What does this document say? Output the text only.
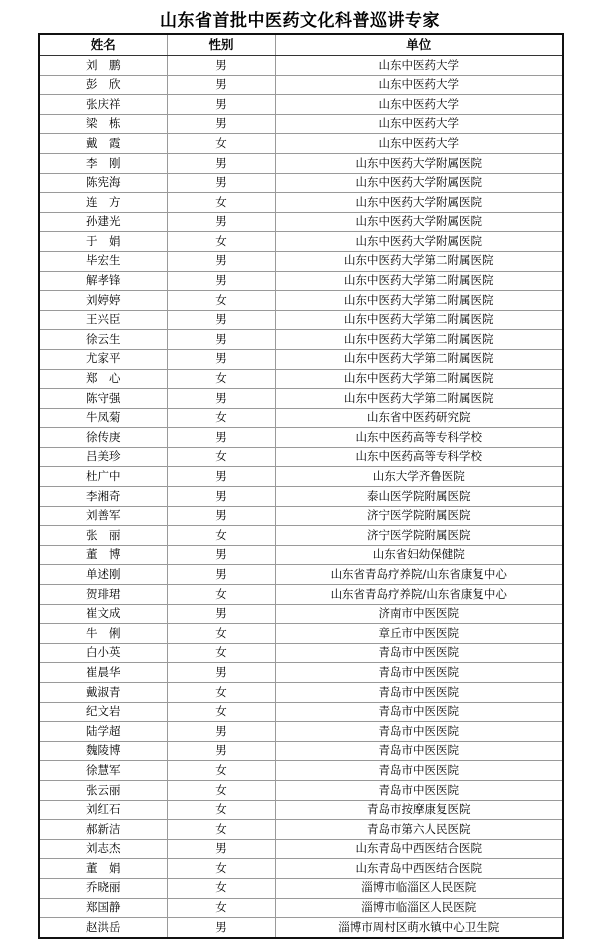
山东省首批中医药文化科普巡讲专家
姓名	性别	单位
刘　鹏	男	山东中医药大学
彭　欣	男	山东中医药大学
张庆祥	男	山东中医药大学
梁　栋	男	山东中医药大学
戴　霞	女	山东中医药大学
李　刚	男	山东中医药大学附属医院
陈宪海	男	山东中医药大学附属医院
连　方	女	山东中医药大学附属医院
孙建光	男	山东中医药大学附属医院
于　娟	女	山东中医药大学附属医院
毕宏生	男	山东中医药大学第二附属医院
解孝锋	男	山东中医药大学第二附属医院
刘婷婷	女	山东中医药大学第二附属医院
王兴臣	男	山东中医药大学第二附属医院
徐云生	男	山东中医药大学第二附属医院
尤家平	男	山东中医药大学第二附属医院
郑　心	女	山东中医药大学第二附属医院
陈守强	男	山东中医药大学第二附属医院
牛凤菊	女	山东省中医药研究院
徐传庚	男	山东中医药高等专科学校
吕美珍	女	山东中医药高等专科学校
杜广中	男	山东大学齐鲁医院
李湘奇	男	泰山医学院附属医院
刘善军	男	济宁医学院附属医院
张　丽	女	济宁医学院附属医院
董　博	男	山东省妇幼保健院
单述刚	男	山东省青岛疗养院/山东省康复中心
贺琲珺	女	山东省青岛疗养院/山东省康复中心
崔文成	男	济南市中医医院
牛　俐	女	章丘市中医医院
白小英	女	青岛市中医医院
崔晨华	男	青岛市中医医院
戴淑青	女	青岛市中医医院
纪文岩	女	青岛市中医医院
陆学超	男	青岛市中医医院
魏陵博	男	青岛市中医医院
徐慧军	女	青岛市中医医院
张云丽	女	青岛市中医医院
刘红石	女	青岛市按摩康复医院
郝新洁	女	青岛市第六人民医院
刘志杰	男	山东青岛中西医结合医院
董　娟	女	山东青岛中西医结合医院
乔晓丽	女	淄博市临淄区人民医院
郑国静	女	淄博市临淄区人民医院
赵洪岳	男	淄博市周村区萌水镇中心卫生院
